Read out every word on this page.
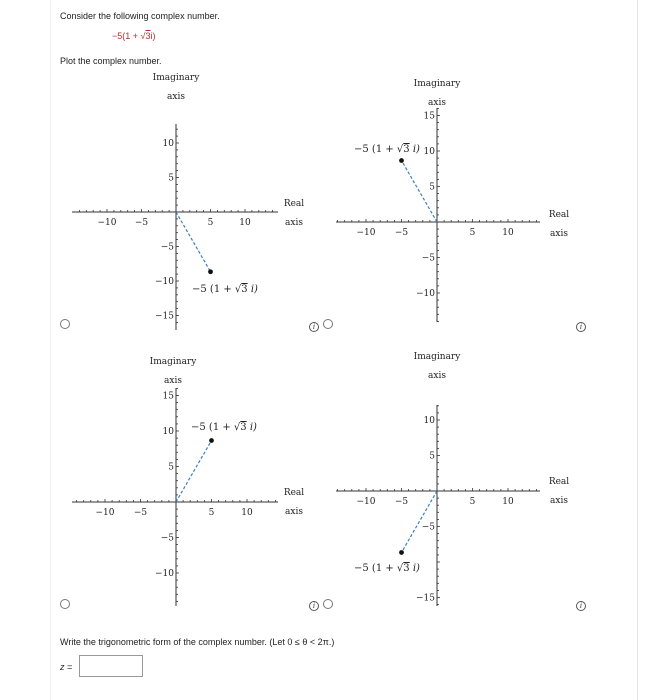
Consider the following complex number.
−5(1 + √3i)
Plot the complex number.
−10 −5	5	10
10
5
−5
−10
−15
Imaginary
axis
Real
axis
−5 (1 + √3 i)
−10 −5	5	10
15
10
5
−5
−10
Imaginary
axis
Real
axis
−5 (1 + √3 i)
−10 −5	5	10
15
10
5
−5
−10
Imaginary
axis
Real
axis
−5 (1 + √3 i)
−10 −5	5	10
10
5
−5
−15
Imaginary
axis
Real
axis
−5 (1 + √3 i)
i	i
i	i
Write the trigonometric form of the complex number. (Let 0 ≤ θ < 2π.)
z =
